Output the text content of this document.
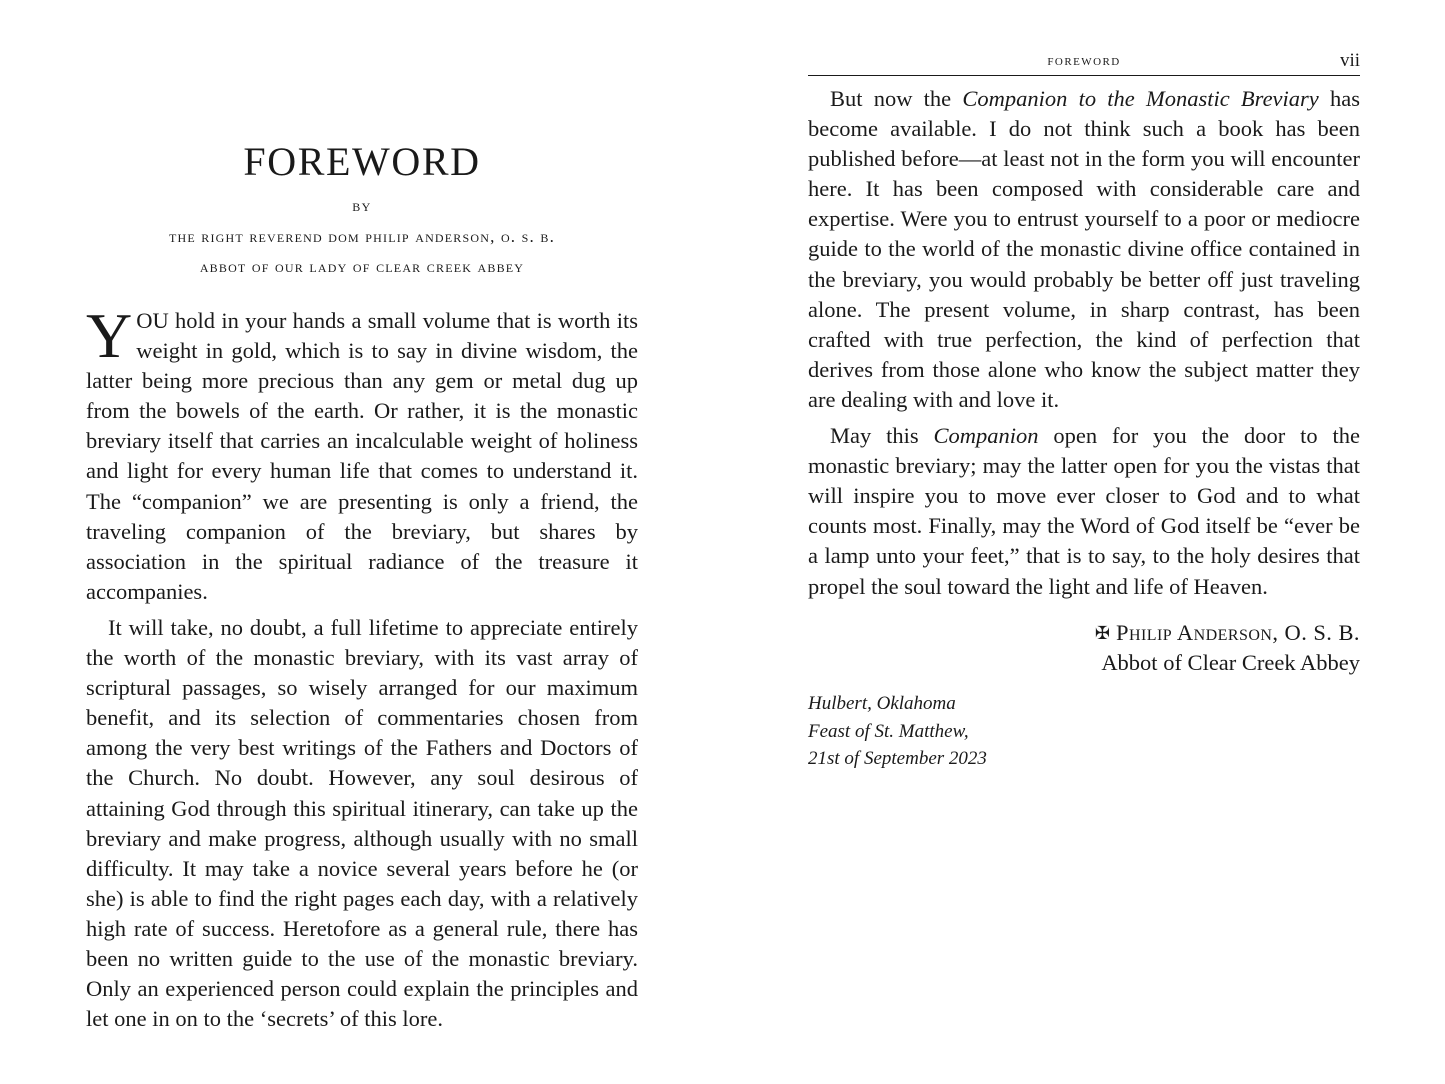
FOREWORD
by
the right reverend dom philip anderson, o. s. b.
abbot of our lady of clear creek abbey

YOU hold in your hands a small volume that is worth its weight in gold, which is to say in divine wisdom, the latter being more precious than any gem or metal dug up from the bowels of the earth. Or rather, it is the monastic breviary itself that carries an incalculable weight of holiness and light for every human life that comes to understand it. The “companion” we are presenting is only a friend, the traveling companion of the breviary, but shares by association in the spiritual radiance of the treasure it accompanies.

It will take, no doubt, a full lifetime to appreciate entirely the worth of the monastic breviary, with its vast array of scriptural passages, so wisely arranged for our maximum benefit, and its selection of commentaries chosen from among the very best writings of the Fathers and Doctors of the Church. No doubt. However, any soul desirous of attaining God through this spiritual itinerary, can take up the breviary and make progress, although usually with no small difficulty. It may take a novice several years before he (or she) is able to find the right pages each day, with a relatively high rate of success. Heretofore as a general rule, there has been no written guide to the use of the monastic breviary. Only an experienced person could explain the principles and let one in on to the ‘secrets’ of this lore.

foreword	vii

But now the Companion to the Monastic Breviary has become available. I do not think such a book has been published before—at least not in the form you will encounter here. It has been composed with considerable care and expertise. Were you to entrust yourself to a poor or mediocre guide to the world of the monastic divine office contained in the breviary, you would probably be better off just traveling alone. The present volume, in sharp contrast, has been crafted with true perfection, the kind of perfection that derives from those alone who know the subject matter they are dealing with and love it.

May this Companion open for you the door to the monastic breviary; may the latter open for you the vistas that will inspire you to move ever closer to God and to what counts most. Finally, may the Word of God itself be “ever be a lamp unto your feet,” that is to say, to the holy desires that propel the soul toward the light and life of Heaven.

✠ Philip Anderson, O. S. B.
Abbot of Clear Creek Abbey
Hulbert, Oklahoma
Feast of St. Matthew,
21st of September 2023
